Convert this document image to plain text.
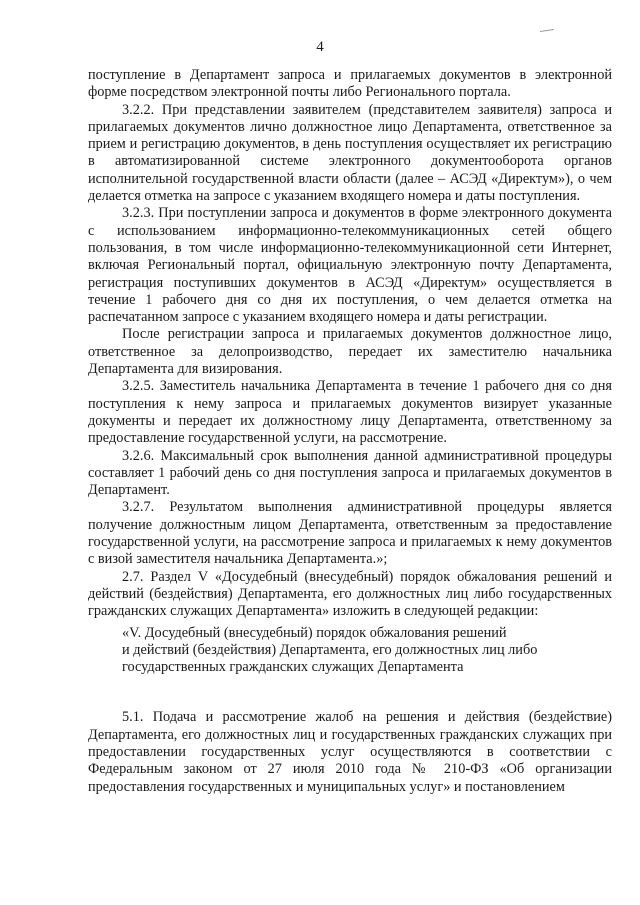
4

поступление в Департамент запроса и прилагаемых документов в электронной форме посредством электронной почты либо Регионального портала.

3.2.2. При представлении заявителем (представителем заявителя) запроса и прилагаемых документов лично должностное лицо Департамента, ответственное за прием и регистрацию документов, в день поступления осуществляет их регистрацию в автоматизированной системе электронного документооборота органов исполнительной государственной власти области (далее – АСЭД «Директум»), о чем делается отметка на запросе с указанием входящего номера и даты поступления.

3.2.3. При поступлении запроса и документов в форме электронного документа с использованием информационно-телекоммуникационных сетей общего пользования, в том числе информационно-телекоммуникационной сети Интернет, включая Региональный портал, официальную электронную почту Департамента, регистрация поступивших документов в АСЭД «Директум» осуществляется в течение 1 рабочего дня со дня их поступления, о чем делается отметка на распечатанном запросе с указанием входящего номера и даты регистрации.

После регистрации запроса и прилагаемых документов должностное лицо, ответственное за делопроизводство, передает их заместителю начальника Департамента для визирования.

3.2.5. Заместитель начальника Департамента в течение 1 рабочего дня со дня поступления к нему запроса и прилагаемых документов визирует указанные документы и передает их должностному лицу Департамента, ответственному за предоставление государственной услуги, на рассмотрение.

3.2.6. Максимальный срок выполнения данной административной процедуры составляет 1 рабочий день со дня поступления запроса и прилагаемых документов в Департамент.

3.2.7. Результатом выполнения административной процедуры является получение должностным лицом Департамента, ответственным за предоставление государственной услуги, на рассмотрение запроса и прилагаемых к нему документов с визой заместителя начальника Департамента.»;

2.7. Раздел V «Досудебный (внесудебный) порядок обжалования решений и действий (бездействия) Департамента, его должностных лиц либо государственных гражданских служащих Департамента» изложить в следующей редакции:

«V. Досудебный (внесудебный) порядок обжалования решений

и действий (бездействия) Департамента, его должностных лиц либо

государственных гражданских служащих Департамента

5.1. Подача и рассмотрение жалоб на решения и действия (бездействие) Департамента, его должностных лиц и государственных гражданских служащих при предоставлении государственных услуг осуществляются в соответствии с Федеральным законом от 27 июля 2010 года № 210-ФЗ «Об организации предоставления государственных и муниципальных услуг» и постановлением
